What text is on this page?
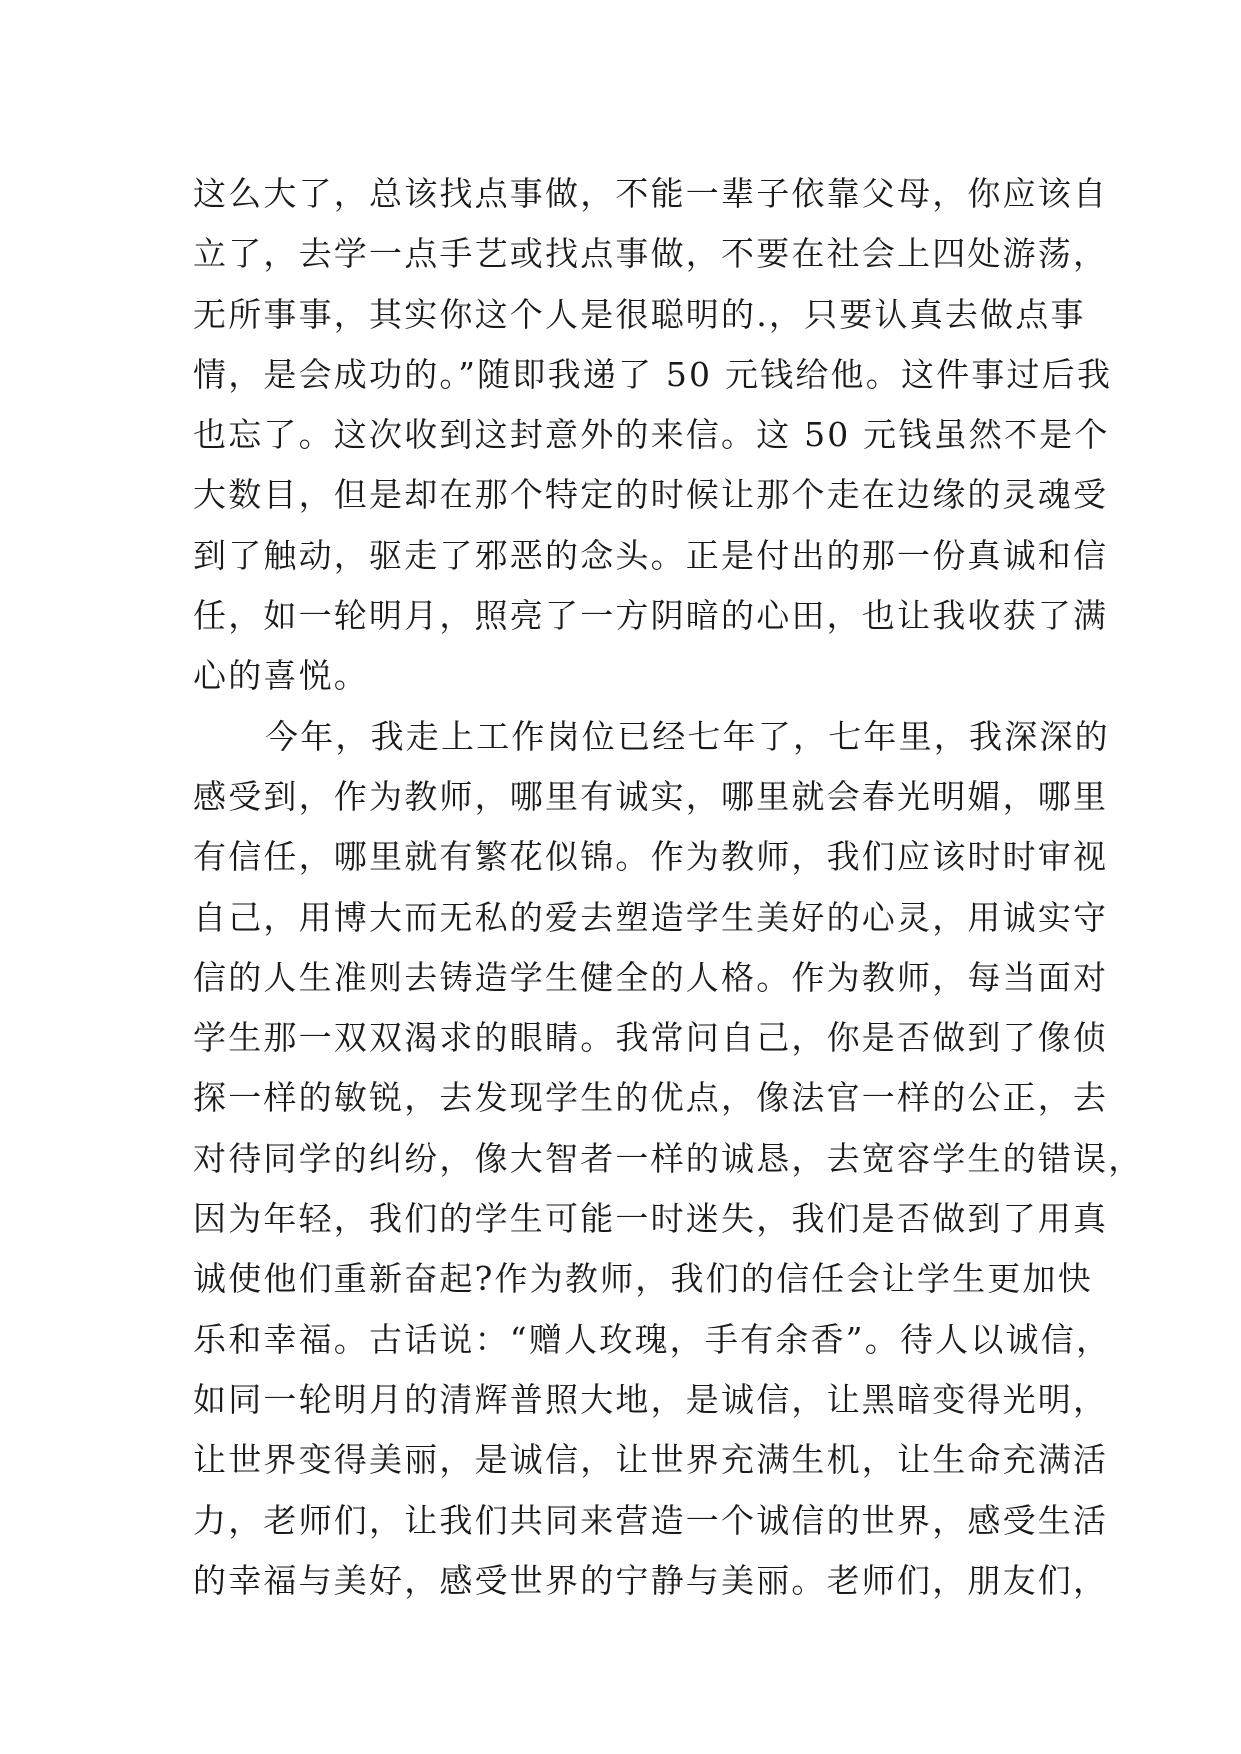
这么大了，总该找点事做，不能一辈子依靠父母，你应该自
立了，去学一点手艺或找点事做，不要在社会上四处游荡，
无所事事，其实你这个人是很聪明的.，只要认真去做点事
情，是会成功的。”随即我递了 50 元钱给他。这件事过后我
也忘了。这次收到这封意外的来信。这 50 元钱虽然不是个
大数目，但是却在那个特定的时候让那个走在边缘的灵魂受
到了触动，驱走了邪恶的念头。正是付出的那一份真诚和信
任，如一轮明月，照亮了一方阴暗的心田，也让我收获了满
心的喜悦。
今年，我走上工作岗位已经七年了，七年里，我深深的
感受到，作为教师，哪里有诚实，哪里就会春光明媚，哪里
有信任，哪里就有繁花似锦。作为教师，我们应该时时审视
自己，用博大而无私的爱去塑造学生美好的心灵，用诚实守
信的人生准则去铸造学生健全的人格。作为教师，每当面对
学生那一双双渴求的眼睛。我常问自己，你是否做到了像侦
探一样的敏锐，去发现学生的优点，像法官一样的公正，去
对待同学的纠纷，像大智者一样的诚恳，去宽容学生的错误，
因为年轻，我们的学生可能一时迷失，我们是否做到了用真
诚使他们重新奋起?作为教师，我们的信任会让学生更加快
乐和幸福。古话说：“赠人玫瑰，手有余香”。待人以诚信，
如同一轮明月的清辉普照大地，是诚信，让黑暗变得光明，
让世界变得美丽，是诚信，让世界充满生机，让生命充满活
力，老师们，让我们共同来营造一个诚信的世界，感受生活
的幸福与美好，感受世界的宁静与美丽。老师们，朋友们，
